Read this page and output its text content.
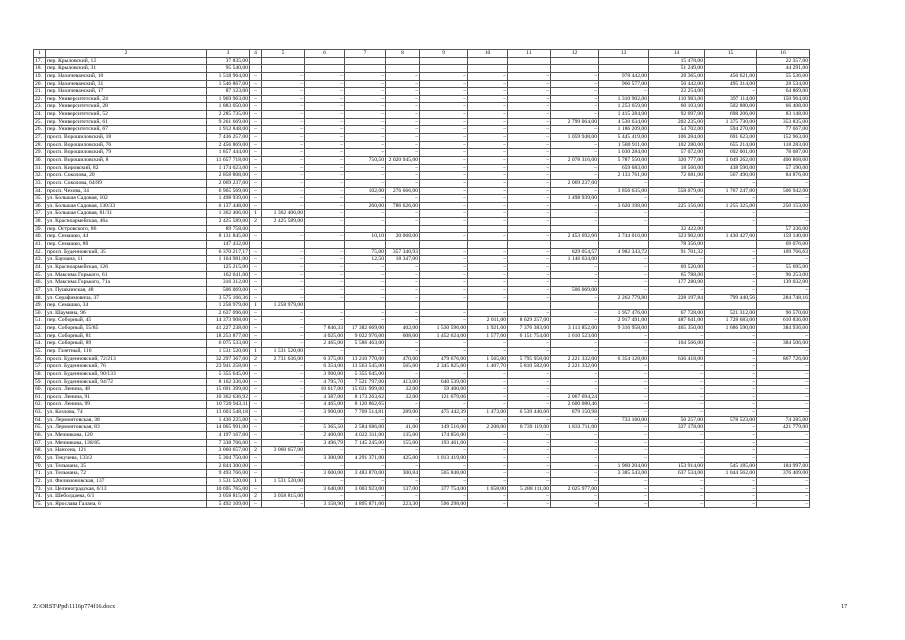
1	2	3	4	5	6	7	8	9	10	11	12	13	14	15	16
17.	пер. Крыловский, 12	37 835,00											15 478,00		22 357,00
18.	пер. Крыловский, 31	95 540,00											51 249,00		44 291,00
19.	пер. Нахичеванский, 10	1 518 964,00	–	–	–	–	–	–	–	–	–	978 442,00	28 365,00	456 621,00	55 536,00
20.	пер. Нахичеванский, 31	1 546 867,00	–	–	–	–	–	–	–	–	–	966 577,00	56 442,00	495 314,00	28 534,00
21.	пер. Нахичеванский, 17	87 123,00	–	–	–	–	–	–	–	–	–	–	22 254,00	–	64 869,00
22.	пер. Университетский, 24	1 969 963,00	–	–	–	–	–	–	–	–	–	1 310 902,00	110 983,00	397 114,00	150 964,00
23.	пер. Университетский, 28	1 883 050,00	–	–	–	–	–	–	–	–	–	1 253 659,00	60 103,00	502 880,00	66 408,00
24.	пер. Университетский, 52	2 285 735,00	–	–	–	–	–	–	–	–	–	1 415 284,00	92 097,00	698 206,00	83 148,00
25.	пер. Университетский, 61	9 261 669,00	–	–	–	–	–	–	–	–	2 799 064,00	4 530 634,00	202 235,00	1 375 730,00	353 835,00
26.	пер. Университетский, 67	1 912 848,00	–	–	–	–	–	–	–	–	–	1 186 209,00	54 702,00	594 270,00	77 667,00
27.	просп. Ворошиловский, 18	7 436 257,00	–	–	–	–	–	–	–	–	1 059 948,00	5 445 419,00	106 284,00	691 623,00	152 963,00
28.	просп. Ворошиловский, 76	2 456 869,00	–	–	–	–	–	–	–	–	–	1 580 911,00	102 280,00	655 214,00	118 283,00
29.	просп. Ворошиловский, 79	1 857 444,00	–	–	–	–	–	–	–	–	–	1 030 284,00	57 072,00	692 001,00	78 087,00
30.	просп. Ворошиловский, 8	11 657 718,00	–	–	–	750,50	2 020 945,00	–	–	–	2 078 316,00	5 787 550,00	320 777,00	1 049 262,00	400 868,00
31.	просп. Кировский, 82	1 174 023,00	–	–	–	–	–	–	–	–	–	659 683,00	18 560,00	438 590,00	57 190,00
32.	просп. Соколова, 20	2 858 808,00	–	–	–	–	–	–	–	–	–	2 133 761,00	72 681,00	567 490,00	84 876,00
33.	просп. Соколова, 64/89	2 069 237,00	–	–	–	–	–	–	–	–	2 069 237,00	–	–	–	–
34.	просп. Чехова, 34	6 965 569,00	–	–	–	102,00	276 666,00	–	–	–	–	3 856 635,00	558 079,00	1 767 247,00	506 942,00
35.	ул. Большая Садовая, 102	1 498 939,00	–	–	–	–	–	–	–	–	1 498 939,00	–	–	–	–
36.	ул. Большая Садовая, 130/33	6 137 448,00	–	–	–	260,00	786 626,00	–	–	–	–	3 620 198,00	225 156,00	1 255 325,00	250 153,00
37.	ул. Большая Садовая, 81/31	1 362 406,00	1	1 362 406,00	–	–	–	–	–	–	–	–	–	–	–
38.	ул. Красноармейская, 46а	2 425 589,00	2	2 425 589,00	–	–	–	–	–	–	–	–	–	–	–
39.	пер. Островского, 86	89 758,00											32 422,00		57 336,00
40.	пер. Семашко, 44	8 131 845,00	–	–	–	10,10	20 068,00	–	–	–	2 453 692,00	3 744 016,00	323 902,00	1 430 427,00	159 140,00
41.	пер. Семашко, 80	147 432,00											78 356,00		69 076,00
42.	просп. Буденновский, 35	6 370 217,17	–	–	–	75,00	357 340,93	–	–	–	829 054,57	4 982 343,72	91 701,32	–	109 766,63
43.	ул. Баумана, 11	1 164 981,00	–	–	–	12,50	18 347,00	–	–	–	1 146 634,00	–	–	–	–
44.	ул. Красноармейская, 126	125 215,00	–	–	–	–	–	–	–	–	–	–	69 520,00	–	55 695,00
45.	ул. Максима Горького, 61	162 041,00	–	–	–	–	–	–	–	–	–	–	65 788,00	–	96 253,00
46.	ул. Максима Горького, 71а	316 312,00	–	–	–	–	–	–	–	–	–	–	177 280,00	–	139 032,00
47.	ул. Пушкинская, 48	506 069,00	–	–	–	–	–	–	–	–	506 069,00	–	–	–	–
48.	ул. Серафимовича, 37	3 575 166,36	–	–	–	–	–	–	–	–	–	2 262 779,80	228 197,84	799 440,56	284 748,16
49.	пер. Семашко, 34	1 258 979,00	1	1 258 979,00											
50.	ул. Шаумяна, 96	2 637 096,00	–	–	–	–	–	–	–	–	–	1 957 476,00	67 728,00	521 312,00	90 570,00
51.	пер. Соборный, 45	14 373 908,00	–	–	–	–	–	–	2 011,00	8 629 257,00	–	2 917 491,00	487 641,00	1 728 683,00	610 836,00
52.	пер. Соборный, 55/85	41 227 238,00	–	–	7 846,33	17 382 669,00	402,00	1 530 596,00	1 921,00	7 376 383,00	3 113 852,00	9 316 958,00	465 350,00	1 686 590,00	384 936,00
53.	пер. Соборный, 81	18 253 877,00	–	–	4 025,00	9 022 976,00	608,00	1 452 624,00	1 577,00	6 151 754,00	1 610 523,00	–	–	–	–
54.	пер. Соборный, 89	6 075 533,00	–	–	2 465,00	5 586 463,00	–	–	–	–	–	–	104 566,00	–	384 506,00
55.	пер. Газетный, 110	1 531 520,00	1	1 531 520,00	–	–	–	–	–	–	–	–	–	–	–
56.	просп. Буденновский, 72/213	32 297 367,00	2	2 731 636,00	6 375,00	13 210 770,00	470,00	479 676,00	1 565,00	5 795 958,00	2 221 332,00	6 354 128,00	636 418,00	–	867 726,00
57.	просп. Буденновский, 76	23 941 258,00	–	–	6 354,00	13 563 545,00	565,00	2 345 825,00	1 407,70	5 810 582,00	2 221 332,00	–	–	–	–
58.	просп. Буденновский, 90/133	5 355 645,00	–	–	3 900,00	5 355 645,00	–	–	–	–	–	–	–	–	–
59.	просп. Буденновский, 94/72	8 162 336,00	–	–	4 795,70	7 521 797,00	413,00	640 539,00	–	–	–	–	–	–	–
60.	просп. Ленина, 48	15 691 399,00	–	–	10 617,00	15 631 999,00	32,00	59 400,00	–	–	–	–	–	–	–
61.	просп. Ленина, 91	10 362 636,92	–	–	4 387,00	8 173 263,62	32,00	121 679,06	–	–	2 067 694,24	–	–	–	–
62.	просп. Ленина, 99	10 720 943,11	–	–	4 465,00	8 120 862,65	–	–	–	–	2 600 080,46	–	–	–	–
63.	ул. Козлова, 74	13 603 548,18	–	–	3 900,00	7 709 514,81	289,00	475 442,39	1 473,00	6 539 440,00	879 150,98	–	–	–	–
64.	ул. Лермонтовская, 38	1 436 225,00	–	–	–	–	–	–	–	–	–	733 160,00	50 257,00	578 523,00	74 285,00
65.	ул. Лермонтовская, 83	14 065 991,00	–	–	5 365,50	2 584 686,00	41,00	149 516,00	2 208,00	8 739 119,00	1 833 711,00	–	337 178,00	–	421 779,00
66.	ул. Мечникова, 120	4 197 167,00	–	–	2 400,00	4 022 311,00	135,00	174 856,00	–	–	–	–	–	–	–
67.	ул. Мечникова, 138/85	7 338 706,00	–	–	3 496,79	7 145 245,00	155,00	193 461,00	–	–	–	–	–	–	–
68.	ул. Нансена, 121	3 060 657,00	2	3 060 657,00	–	–	–	–	–	–	–	–	–	–	–
69.	ул. Текучева, 133/2	5 304 750,00	–	–	3 300,00	4 291 371,00	425,00	1 013 419,00	–	–	–	–	–	–	–
70.	ул. Тельмана, 35	2 844 300,00	–	–	–	–	–	–	–	–	–	1 960 204,00	153 914,00	545 185,00	184 997,00
71.	ул. Тельмана, 72	9 493 766,00	–	–	3 600,00	3 483 870,00	300,84	565 848,00	–	–	–	3 385 543,00	637 534,00	1 044 562,00	376 409,00
72.	ул. Филимоновская, 137	1 531 520,00	1	1 531 520,00	–	–	–	–	–	–	–	–	–	–	–
73.	ул. Целиноградская, 6/13	10 695 765,00	–	–	3 640,00	3 003 923,00	137,00	377 754,00	1 658,00	5 288 111,00	2 025 977,00	–	–	–	–
74.	ул. Шеболдаева, 6/1	3 058 815,00	2	3 058 815,00	–	–	–	–	–	–	–	–	–	–	–
75.	ул. Ярослава Галана, 6	5 492 109,00	–	–	3 158,90	4 895 871,00	223,30	596 298,00	–	–	–	–	–	–	–
Z:\ORST\Ppd\1116p774f16.docx	17
